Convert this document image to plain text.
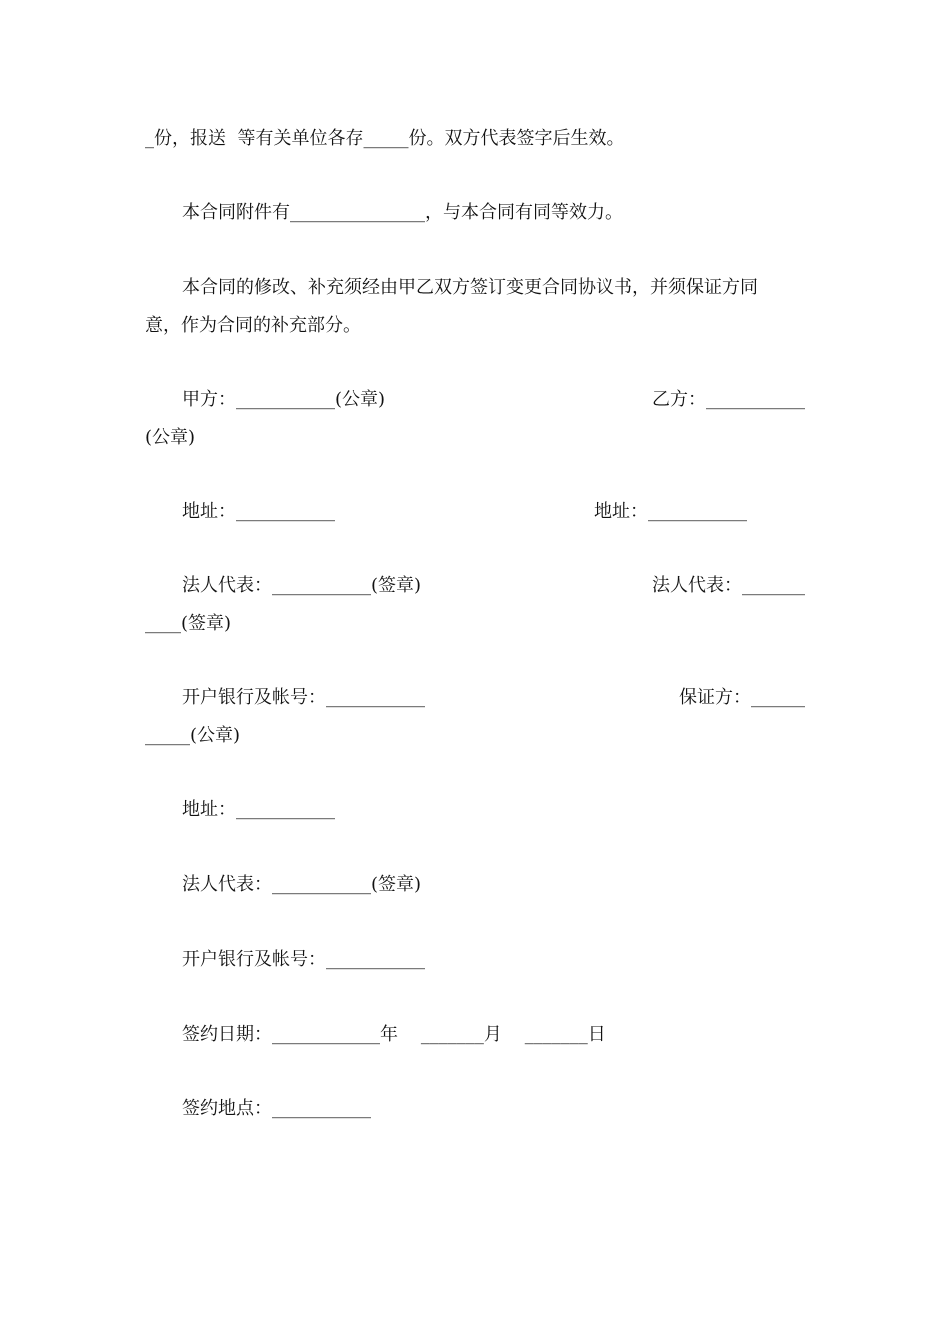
_份，报送  等有关单位各存_____份。双方代表签字后生效。
本合同附件有_______________，与本合同有同等效力。
本合同的修改、补充须经由甲乙双方签订变更合同协议书，并须保证方同
意，作为合同的补充部分。
甲方：___________(公章)	乙方：___________
(公章)
地址：___________	地址：___________
法人代表：___________(签章)	法人代表：_______
____(签章)
开户银行及帐号：___________	保证方：______
_____(公章)
地址：___________
法人代表：___________(签章)
开户银行及帐号：___________
签约日期：____________年    _______月    _______日
签约地点：___________
